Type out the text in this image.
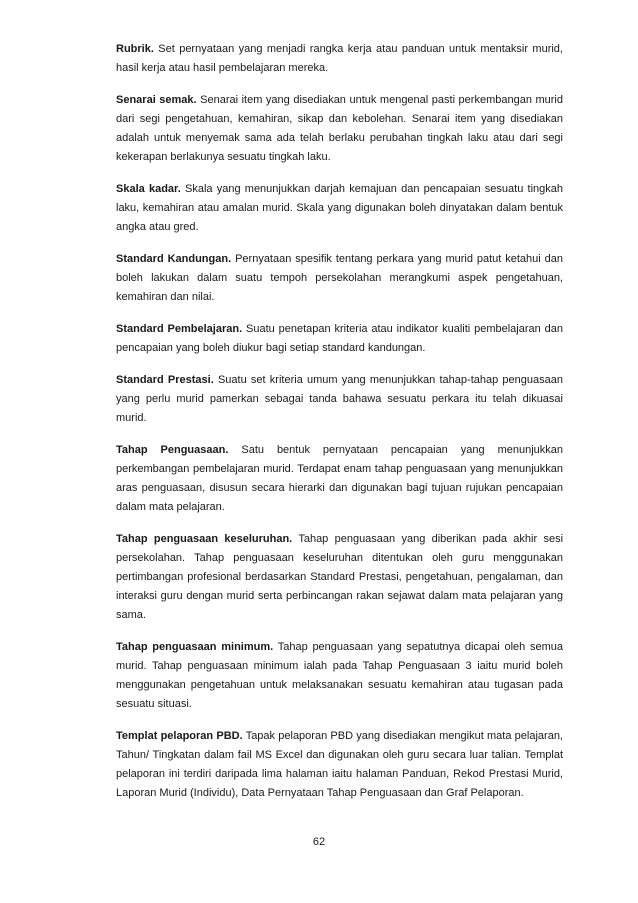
Rubrik. Set pernyataan yang menjadi rangka kerja atau panduan untuk mentaksir murid, hasil kerja atau hasil pembelajaran mereka.

Senarai semak. Senarai item yang disediakan untuk mengenal pasti perkembangan murid dari segi pengetahuan, kemahiran, sikap dan kebolehan. Senarai item yang disediakan adalah untuk menyemak sama ada telah berlaku perubahan tingkah laku atau dari segi kekerapan berlakunya sesuatu tingkah laku.

Skala kadar. Skala yang menunjukkan darjah kemajuan dan pencapaian sesuatu tingkah laku, kemahiran atau amalan murid. Skala yang digunakan boleh dinyatakan dalam bentuk angka atau gred.

Standard Kandungan. Pernyataan spesifik tentang perkara yang murid patut ketahui dan boleh lakukan dalam suatu tempoh persekolahan merangkumi aspek pengetahuan, kemahiran dan nilai.

Standard Pembelajaran. Suatu penetapan kriteria atau indikator kualiti pembelajaran dan pencapaian yang boleh diukur bagi setiap standard kandungan.

Standard Prestasi. Suatu set kriteria umum yang menunjukkan tahap-tahap penguasaan yang perlu murid pamerkan sebagai tanda bahawa sesuatu perkara itu telah dikuasai murid.

Tahap Penguasaan. Satu bentuk pernyataan pencapaian yang menunjukkan perkembangan pembelajaran murid. Terdapat enam tahap penguasaan yang menunjukkan aras penguasaan, disusun secara hierarki dan digunakan bagi tujuan rujukan pencapaian dalam mata pelajaran.

Tahap penguasaan keseluruhan. Tahap penguasaan yang diberikan pada akhir sesi persekolahan. Tahap penguasaan keseluruhan ditentukan oleh guru menggunakan pertimbangan profesional berdasarkan Standard Prestasi, pengetahuan, pengalaman, dan interaksi guru dengan murid serta perbincangan rakan sejawat dalam mata pelajaran yang sama.

Tahap penguasaan minimum. Tahap penguasaan yang sepatutnya dicapai oleh semua murid. Tahap penguasaan minimum ialah pada Tahap Penguasaan 3 iaitu murid boleh menggunakan pengetahuan untuk melaksanakan sesuatu kemahiran atau tugasan pada sesuatu situasi.

Templat pelaporan PBD. Tapak pelaporan PBD yang disediakan mengikut mata pelajaran, Tahun/ Tingkatan dalam fail MS Excel dan digunakan oleh guru secara luar talian. Templat pelaporan ini terdiri daripada lima halaman iaitu halaman Panduan, Rekod Prestasi Murid, Laporan Murid (Individu), Data Pernyataan Tahap Penguasaan dan Graf Pelaporan.

62
